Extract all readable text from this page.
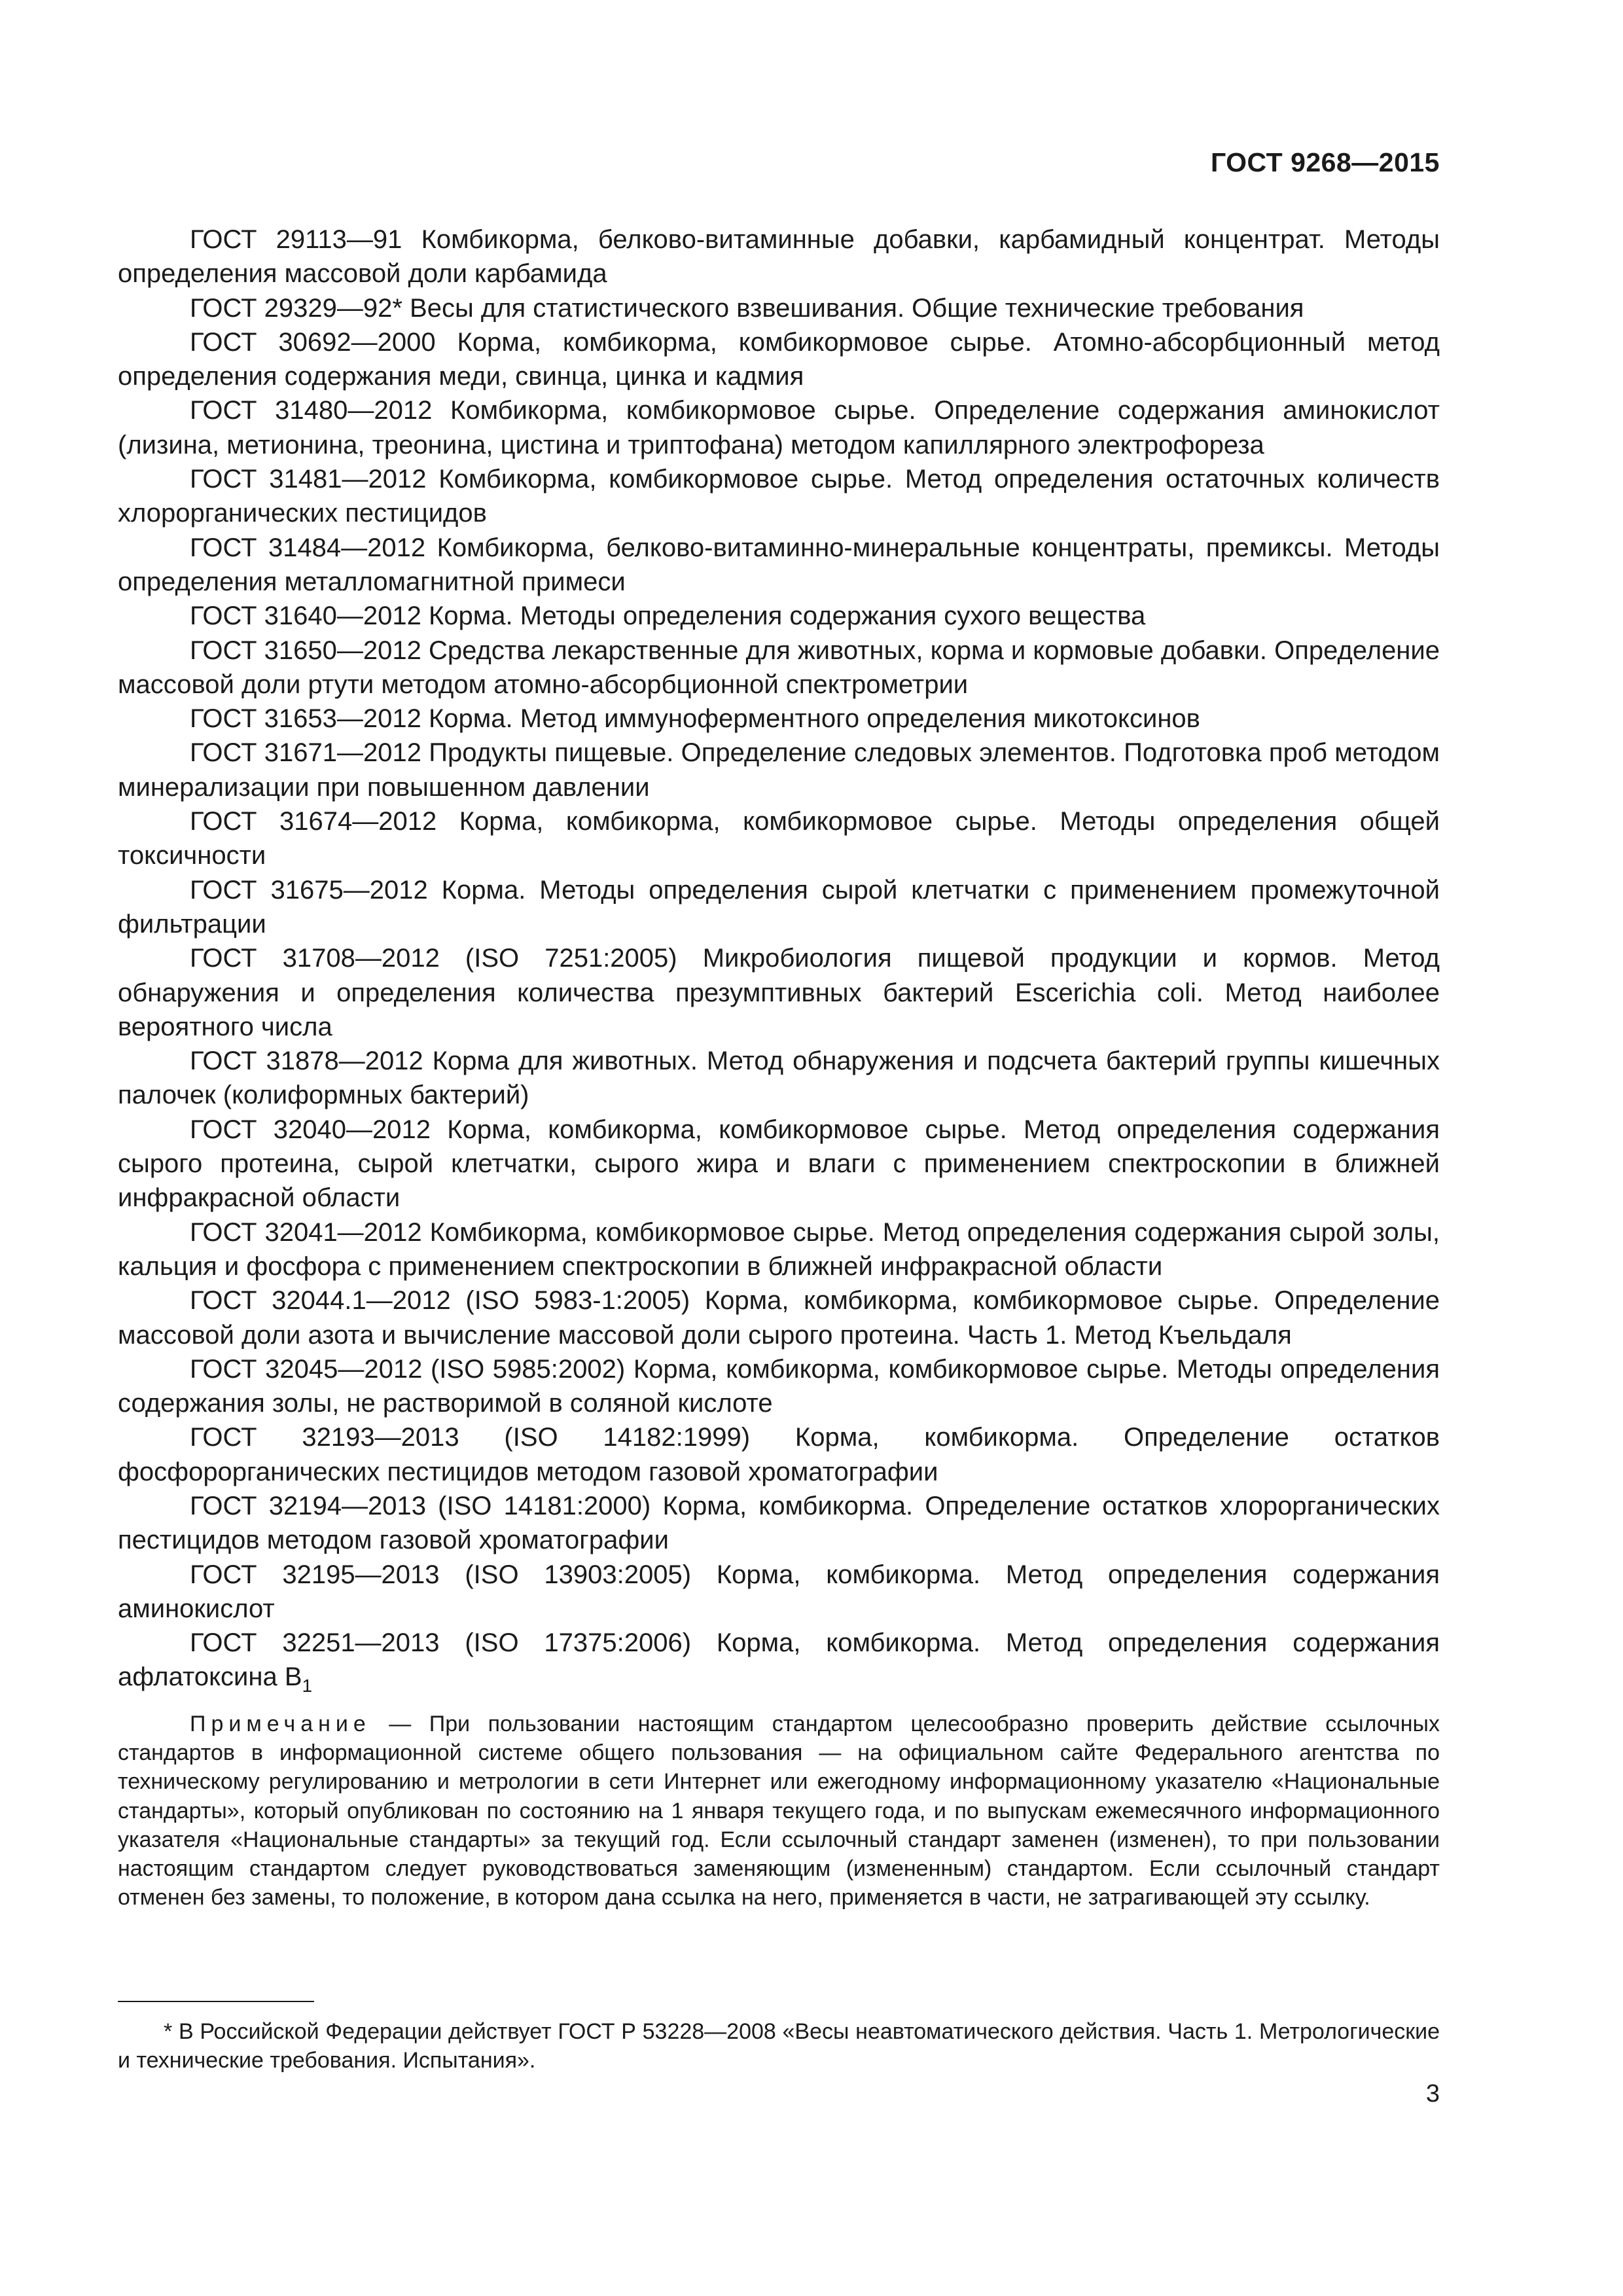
ГОСТ 9268—2015

ГОСТ 29113—91 Комбикорма, белково-витаминные добавки, карбамидный концентрат. Методы определения массовой доли карбамида

ГОСТ 29329—92* Весы для статистического взвешивания. Общие технические требования

ГОСТ 30692—2000 Корма, комбикорма, комбикормовое сырье. Атомно-абсорбционный метод определения содержания меди, свинца, цинка и кадмия

ГОСТ 31480—2012 Комбикорма, комбикормовое сырье. Определение содержания аминокислот (лизина, метионина, треонина, цистина и триптофана) методом капиллярного электрофореза

ГОСТ 31481—2012 Комбикорма, комбикормовое сырье. Метод определения остаточных количеств хлорорганических пестицидов

ГОСТ 31484—2012 Комбикорма, белково-витаминно-минеральные концентраты, премиксы. Методы определения металломагнитной примеси

ГОСТ 31640—2012 Корма. Методы определения содержания сухого вещества

ГОСТ 31650—2012 Средства лекарственные для животных, корма и кормовые добавки. Определение массовой доли ртути методом атомно-абсорбционной спектрометрии

ГОСТ 31653—2012 Корма. Метод иммуноферментного определения микотоксинов

ГОСТ 31671—2012 Продукты пищевые. Определение следовых элементов. Подготовка проб методом минерализации при повышенном давлении

ГОСТ 31674—2012 Корма, комбикорма, комбикормовое сырье. Методы определения общей токсичности

ГОСТ 31675—2012 Корма. Методы определения сырой клетчатки с применением промежуточной фильтрации

ГОСТ 31708—2012 (ISO 7251:2005) Микробиология пищевой продукции и кормов. Метод обнаружения и определения количества презумптивных бактерий Escerichia coli. Метод наиболее вероятного числа

ГОСТ 31878—2012 Корма для животных. Метод обнаружения и подсчета бактерий группы кишечных палочек (колиформных бактерий)

ГОСТ 32040—2012 Корма, комбикорма, комбикормовое сырье. Метод определения содержания сырого протеина, сырой клетчатки, сырого жира и влаги с применением спектроскопии в ближней инфракрасной области

ГОСТ 32041—2012 Комбикорма, комбикормовое сырье. Метод определения содержания сырой золы, кальция и фосфора с применением спектроскопии в ближней инфракрасной области

ГОСТ 32044.1—2012 (ISO 5983-1:2005) Корма, комбикорма, комбикормовое сырье. Определение массовой доли азота и вычисление массовой доли сырого протеина. Часть 1. Метод Къельдаля

ГОСТ 32045—2012 (ISO 5985:2002) Корма, комбикорма, комбикормовое сырье. Методы определения содержания золы, не растворимой в соляной кислоте

ГОСТ 32193—2013 (ISO 14182:1999) Корма, комбикорма. Определение остатков фосфорорганических пестицидов методом газовой хроматографии

ГОСТ 32194—2013 (ISO 14181:2000) Корма, комбикорма. Определение остатков хлорорганических пестицидов методом газовой хроматографии

ГОСТ 32195—2013 (ISO 13903:2005) Корма, комбикорма. Метод определения содержания аминокислот

ГОСТ 32251—2013 (ISO 17375:2006) Корма, комбикорма. Метод определения содержания афлатоксина $B_1$

Примечание — При пользовании настоящим стандартом целесообразно проверить действие ссылочных стандартов в информационной системе общего пользования — на официальном сайте Федерального агентства по техническому регулированию и метрологии в сети Интернет или ежегодному информационному указателю «Национальные стандарты», который опубликован по состоянию на 1 января текущего года, и по выпускам ежемесячного информационного указателя «Национальные стандарты» за текущий год. Если ссылочный стандарт заменен (изменен), то при пользовании настоящим стандартом следует руководствоваться заменяющим (измененным) стандартом. Если ссылочный стандарт отменен без замены, то положение, в котором дана ссылка на него, применяется в части, не затрагивающей эту ссылку.

* В Российской Федерации действует ГОСТ Р 53228—2008 «Весы неавтоматического действия. Часть 1. Метрологические и технические требования. Испытания».

3
